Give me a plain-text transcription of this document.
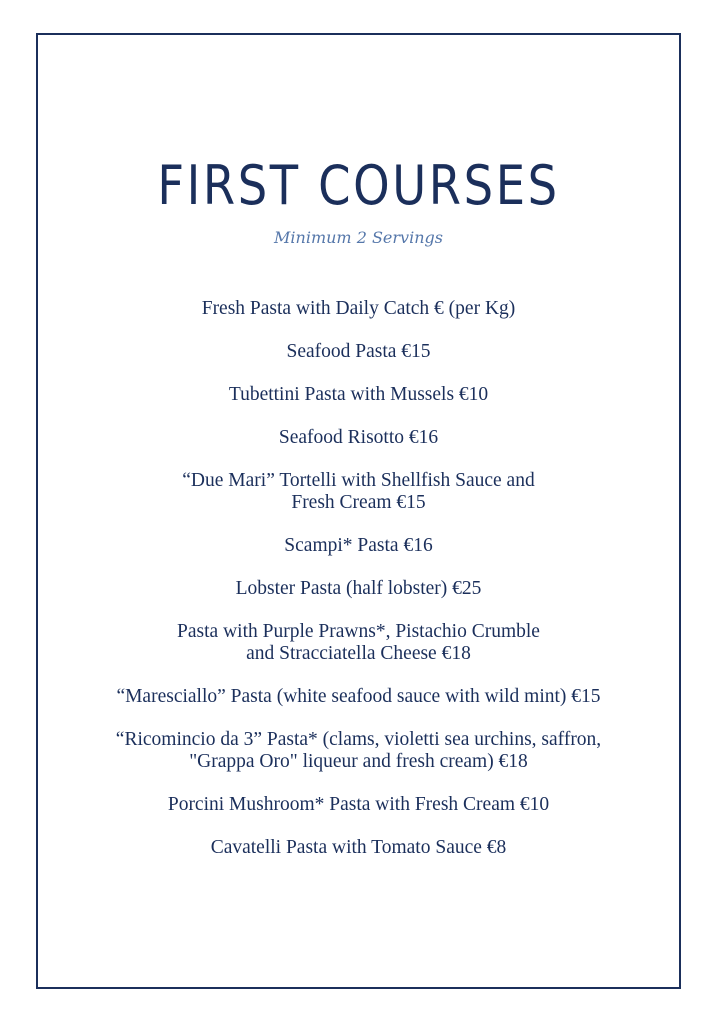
FIRST COURSES
Minimum 2 Servings
Fresh Pasta with Daily Catch € (per Kg)
Seafood Pasta €15
Tubettini Pasta with Mussels €10
Seafood Risotto €16
“Due Mari” Tortelli with Shellfish Sauce and
Fresh Cream €15
Scampi* Pasta €16
Lobster Pasta (half lobster) €25
Pasta with Purple Prawns*, Pistachio Crumble
and Stracciatella Cheese €18
“Maresciallo” Pasta (white seafood sauce with wild mint) €15
“Ricomincio da 3” Pasta* (clams, violetti sea urchins, saffron,
"Grappa Oro" liqueur and fresh cream) €18
Porcini Mushroom* Pasta with Fresh Cream €10
Cavatelli Pasta with Tomato Sauce €8
